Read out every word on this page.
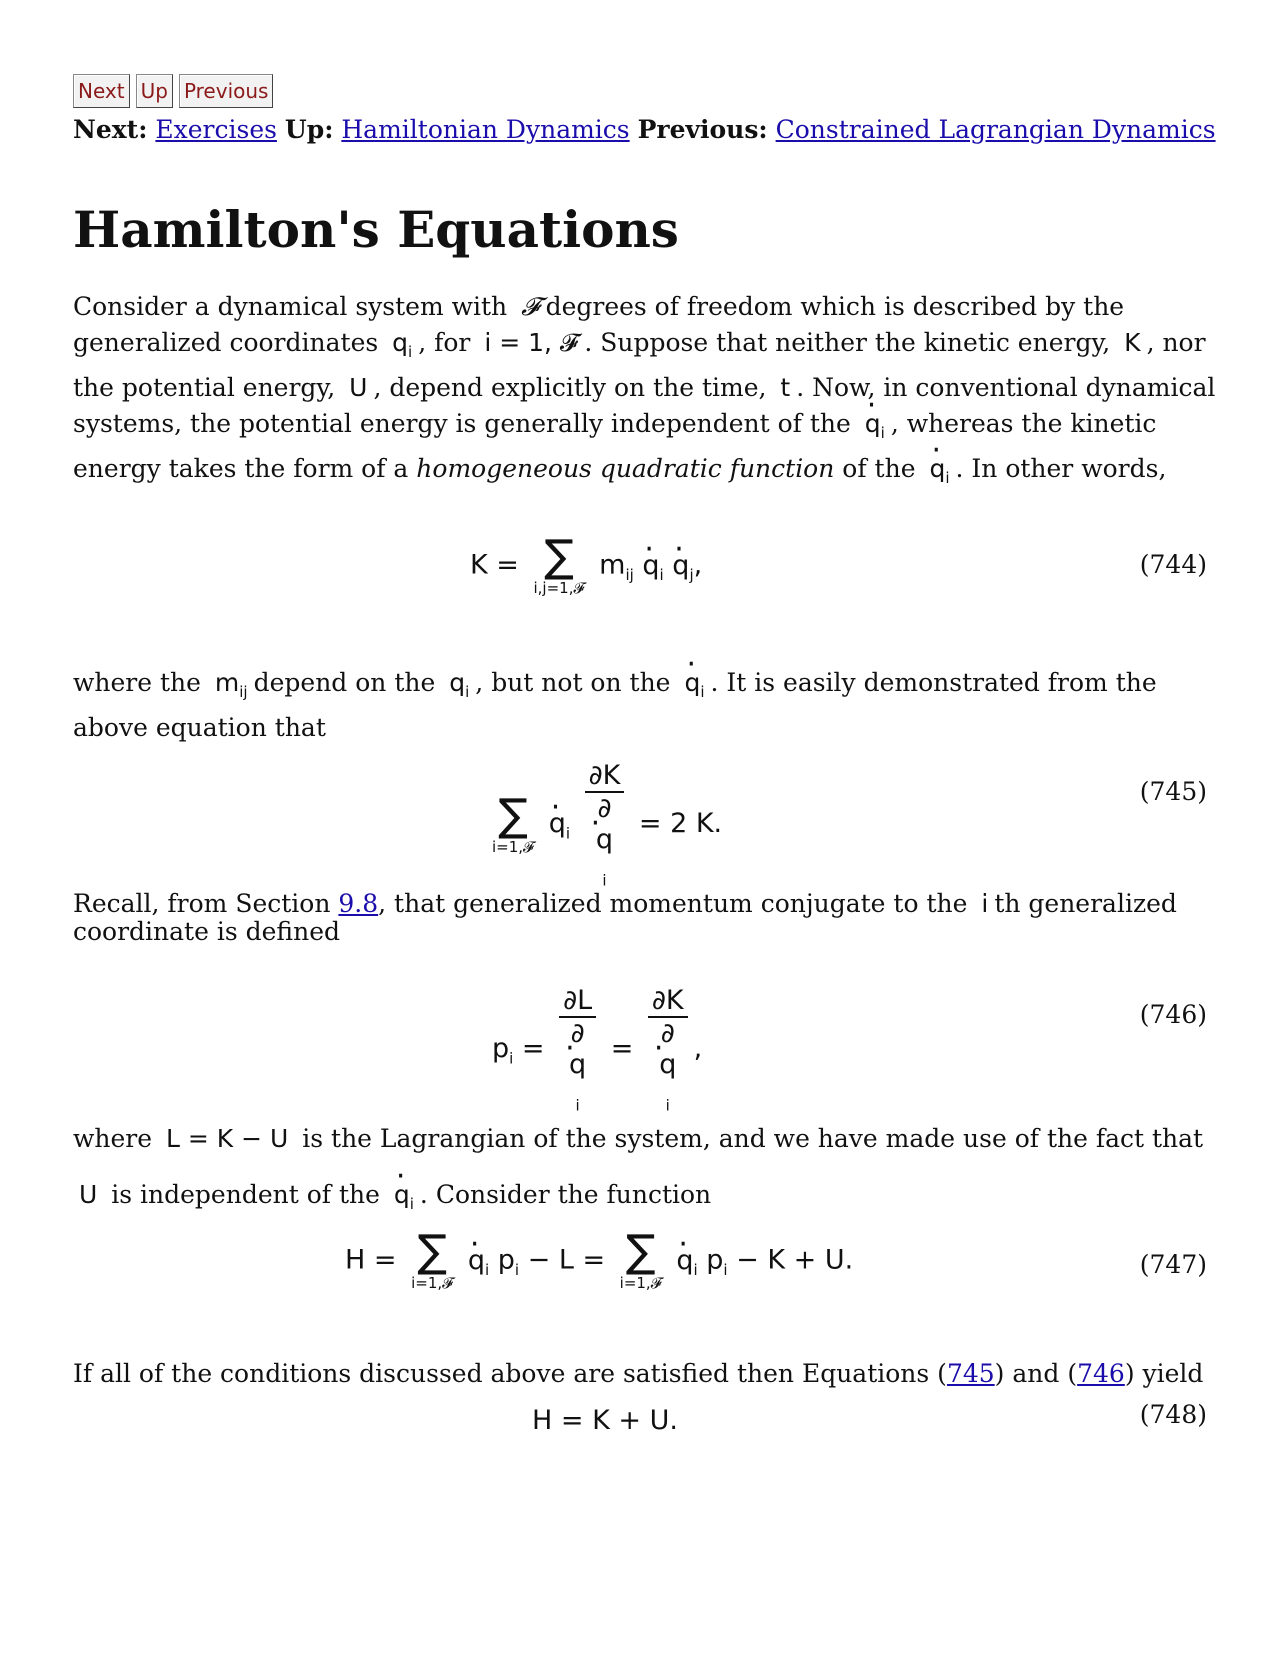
Next Up Previous
Next: Exercises Up: Hamiltonian Dynamics Previous: Constrained Lagrangian Dynamics
Hamilton's Equations
Consider a dynamical system with 𝓕 degrees of freedom which is described by the generalized coordinates $q_i$ , for i = 1, 𝓕 . Suppose that neither the kinetic energy, K , nor the potential energy, U , depend explicitly on the time, t . Now, in conventional dynamical systems, the potential energy is generally independent of the · $q_i$ , whereas the kinetic energy takes the form of a homogeneous quadratic function of the · $q_i$ . In other words,
K = ∑
i,j=1,𝓕
$m_{ij} \cdot q_i \cdot q_j$,	(744)
where the $m_{ij}$ depend on the $q_i$ , but not on the · $q_i$ . It is easily demonstrated from the above equation that
∑
i=1,𝓕
· $q_i$ ∂K
∂
· q
$_i$ = 2 K.
(745)
Recall, from Section 9.8, that generalized momentum conjugate to the i th generalized coordinate is defined
$p_i = \partial L$
∂
· q
$_i$ = ∂K
∂
· q
$_i$ ,
(746)
where L = K − U is the Lagrangian of the system, and we have made use of the fact that U is independent of the · $q_i$ . Consider the function
H = ∑
i=1,𝓕
· $q_i$ $p_i - L$ = ∑
i=1,𝓕
· $q_i$ $p_i - K + U$.	(747)
If all of the conditions discussed above are satisfied then Equations (745) and (746) yield
H = K + U.	(748)
